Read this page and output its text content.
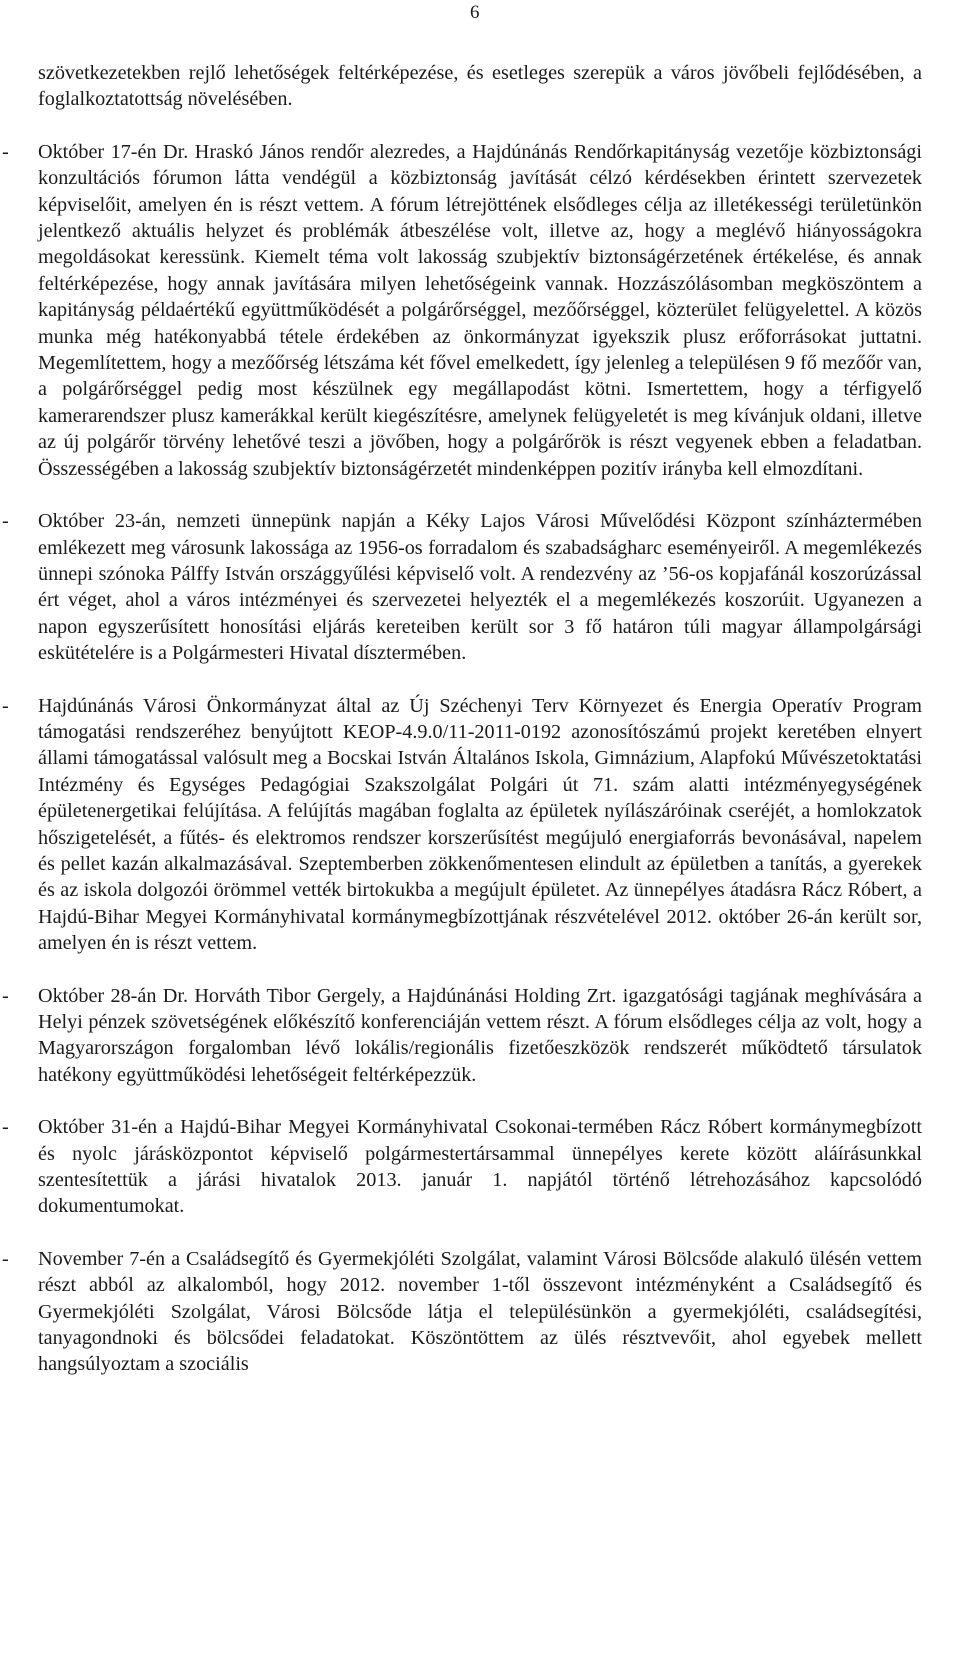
6

szövetkezetekben rejlő lehetőségek feltérképezése, és esetleges szerepük a város jövőbeli fejlődésében, a foglalkoztatottság növelésében.

- Október 17-én Dr. Hraskó János rendőr alezredes, a Hajdúnánás Rendőrkapitányság vezetője közbiztonsági konzultációs fórumon látta vendégül a közbiztonság javítását célzó kérdésekben érintett szervezetek képviselőit, amelyen én is részt vettem. A fórum létrejöttének elsődleges célja az illetékességi területünkön jelentkező aktuális helyzet és problémák átbeszélése volt, illetve az, hogy a meglévő hiányosságokra megoldásokat keressünk. Kiemelt téma volt lakosság szubjektív biztonságérzetének értékelése, és annak feltérképezése, hogy annak javítására milyen lehetőségeink vannak. Hozzászólásomban megköszöntem a kapitányság példaértékű együttműködését a polgárőrséggel, mezőőrséggel, közterület felügyelettel. A közös munka még hatékonyabbá tétele érdekében az önkormányzat igyekszik plusz erőforrásokat juttatni. Megemlítettem, hogy a mezőőrség létszáma két fővel emelkedett, így jelenleg a településen 9 fő mezőőr van, a polgárőrséggel pedig most készülnek egy megállapodást kötni. Ismertettem, hogy a térfigyelő kamerarendszer plusz kamerákkal került kiegészítésre, amelynek felügyeletét is meg kívánjuk oldani, illetve az új polgárőr törvény lehetővé teszi a jövőben, hogy a polgárőrök is részt vegyenek ebben a feladatban. Összességében a lakosság szubjektív biztonságérzetét mindenképpen pozitív irányba kell elmozdítani.
- Október 23-án, nemzeti ünnepünk napján a Kéky Lajos Városi Művelődési Központ színháztermében emlékezett meg városunk lakossága az 1956-os forradalom és szabadságharc eseményeiről. A megemlékezés ünnepi szónoka Pálffy István országgyűlési képviselő volt. A rendezvény az ’56-os kopjafánál koszorúzással ért véget, ahol a város intézményei és szervezetei helyezték el a megemlékezés koszorúit. Ugyanezen a napon egyszerűsített honosítási eljárás kereteiben került sor 3 fő határon túli magyar állampolgársági eskütételére is a Polgármesteri Hivatal dísztermében.
- Hajdúnánás Városi Önkormányzat által az Új Széchenyi Terv Környezet és Energia Operatív Program támogatási rendszeréhez benyújtott KEOP-4.9.0/11-2011-0192 azonosítószámú projekt keretében elnyert állami támogatással valósult meg a Bocskai István Általános Iskola, Gimnázium, Alapfokú Művészetoktatási Intézmény és Egységes Pedagógiai Szakszolgálat Polgári út 71. szám alatti intézményegységének épületenergetikai felújítása. A felújítás magában foglalta az épületek nyílászáróinak cseréjét, a homlokzatok hőszigetelését, a fűtés- és elektromos rendszer korszerűsítést megújuló energiaforrás bevonásával, napelem és pellet kazán alkalmazásával. Szeptemberben zökkenőmentesen elindult az épületben a tanítás, a gyerekek és az iskola dolgozói örömmel vették birtokukba a megújult épületet. Az ünnepélyes átadásra Rácz Róbert, a Hajdú-Bihar Megyei Kormányhivatal kormánymegbízottjának részvételével 2012. október 26-án került sor, amelyen én is részt vettem.
- Október 28-án Dr. Horváth Tibor Gergely, a Hajdúnánási Holding Zrt. igazgatósági tagjának meghívására a Helyi pénzek szövetségének előkészítő konferenciáján vettem részt. A fórum elsődleges célja az volt, hogy a Magyarországon forgalomban lévő lokális/regionális fizetőeszközök rendszerét működtető társulatok hatékony együttműködési lehetőségeit feltérképezzük.
- Október 31-én a Hajdú-Bihar Megyei Kormányhivatal Csokonai-termében Rácz Róbert kormánymegbízott és nyolc járásközpontot képviselő polgármestertársammal ünnepélyes kerete között aláírásunkkal szentesítettük a járási hivatalok 2013. január 1. napjától történő létrehozásához kapcsolódó dokumentumokat.
- November 7-én a Családsegítő és Gyermekjóléti Szolgálat, valamint Városi Bölcsőde alakuló ülésén vettem részt abból az alkalomból, hogy 2012. november 1-től összevont intézményként a Családsegítő és Gyermekjóléti Szolgálat, Városi Bölcsőde látja el településünkön a gyermekjóléti, családsegítési, tanyagondnoki és bölcsődei feladatokat. Köszöntöttem az ülés résztvevőit, ahol egyebek mellett hangsúlyoztam a szociális
